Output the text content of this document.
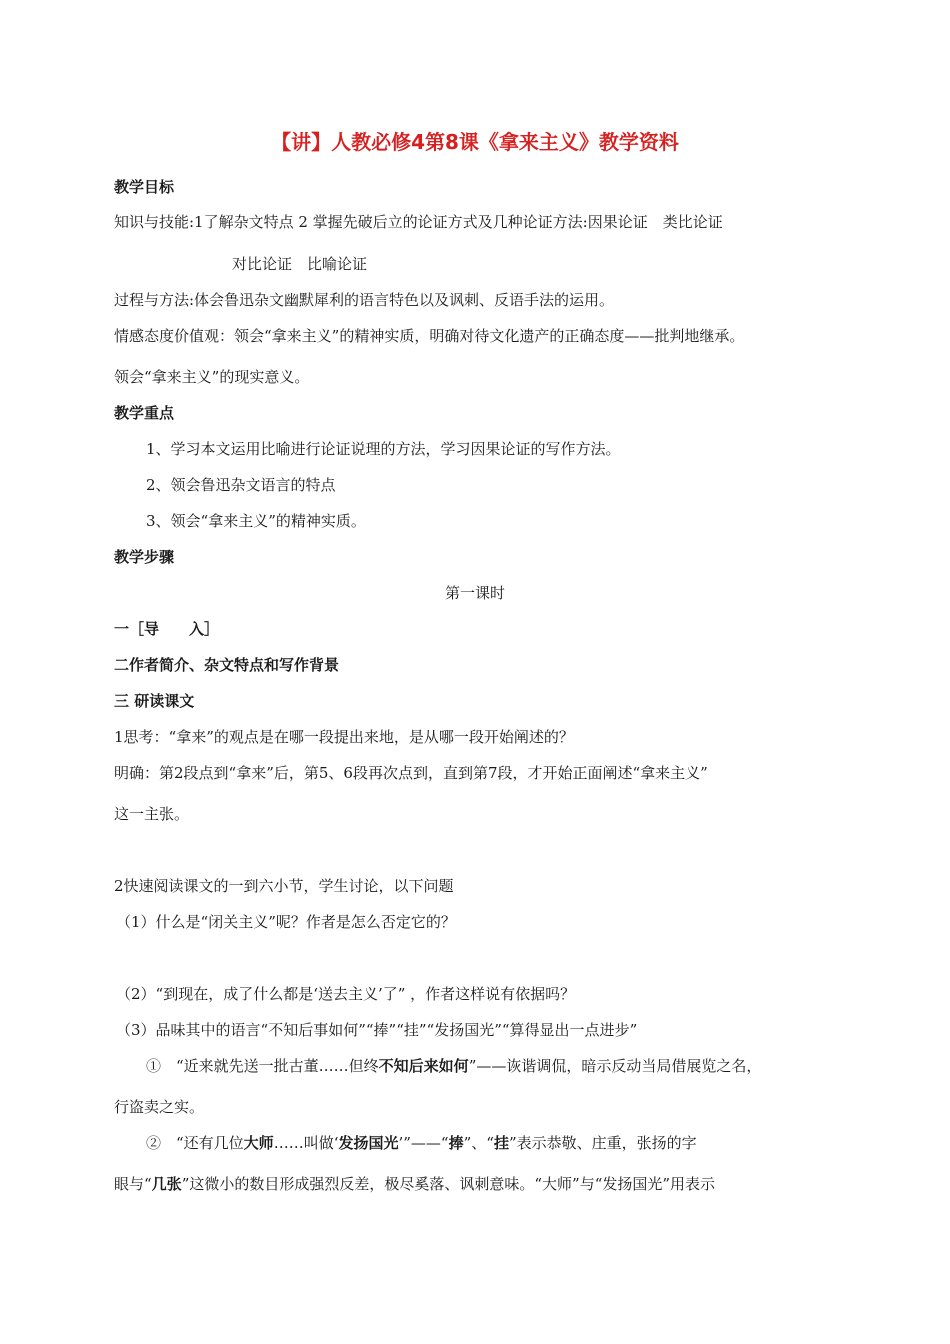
【讲】人教必修4第8课《拿来主义》教学资料
教学目标
知识与技能:1了解杂文特点 2 掌握先破后立的论证方式及几种论证方法:因果论证　类比论证
对比论证　比喻论证
过程与方法:体会鲁迅杂文幽默犀利的语言特色以及讽刺、反语手法的运用。
情感态度价值观：领会“拿来主义”的精神实质，明确对待文化遗产的正确态度——批判地继承。
领会“拿来主义”的现实意义。
教学重点
1、学习本文运用比喻进行论证说理的方法，学习因果论证的写作方法。
2、领会鲁迅杂文语言的特点
3、领会“拿来主义”的精神实质。
教学步骤
第一课时
一［导　　入］
二作者简介、杂文特点和写作背景
三 研读课文
1思考：“拿来”的观点是在哪一段提出来地，是从哪一段开始阐述的？
明确：第2段点到“拿来”后，第5、6段再次点到，直到第7段，才开始正面阐述“拿来主义”
这一主张。
2快速阅读课文的一到六小节，学生讨论，以下问题
（1）什么是“闭关主义”呢？作者是怎么否定它的？
（2）“到现在，成了什么都是‘送去主义’了” ，作者这样说有依据吗？
（3）品味其中的语言“不知后事如何”“捧”“挂”“发扬国光”“算得显出一点进步”
①　“近来就先送一批古董……但终不知后来如何”——诙谐调侃，暗示反动当局借展览之名，
行盗卖之实。
②　“还有几位大师……叫做‘发扬国光’”——“捧”、“挂”表示恭敬、庄重，张扬的字
眼与“几张”这微小的数目形成强烈反差，极尽奚落、讽刺意味。“大师”与“发扬国光”用表示
